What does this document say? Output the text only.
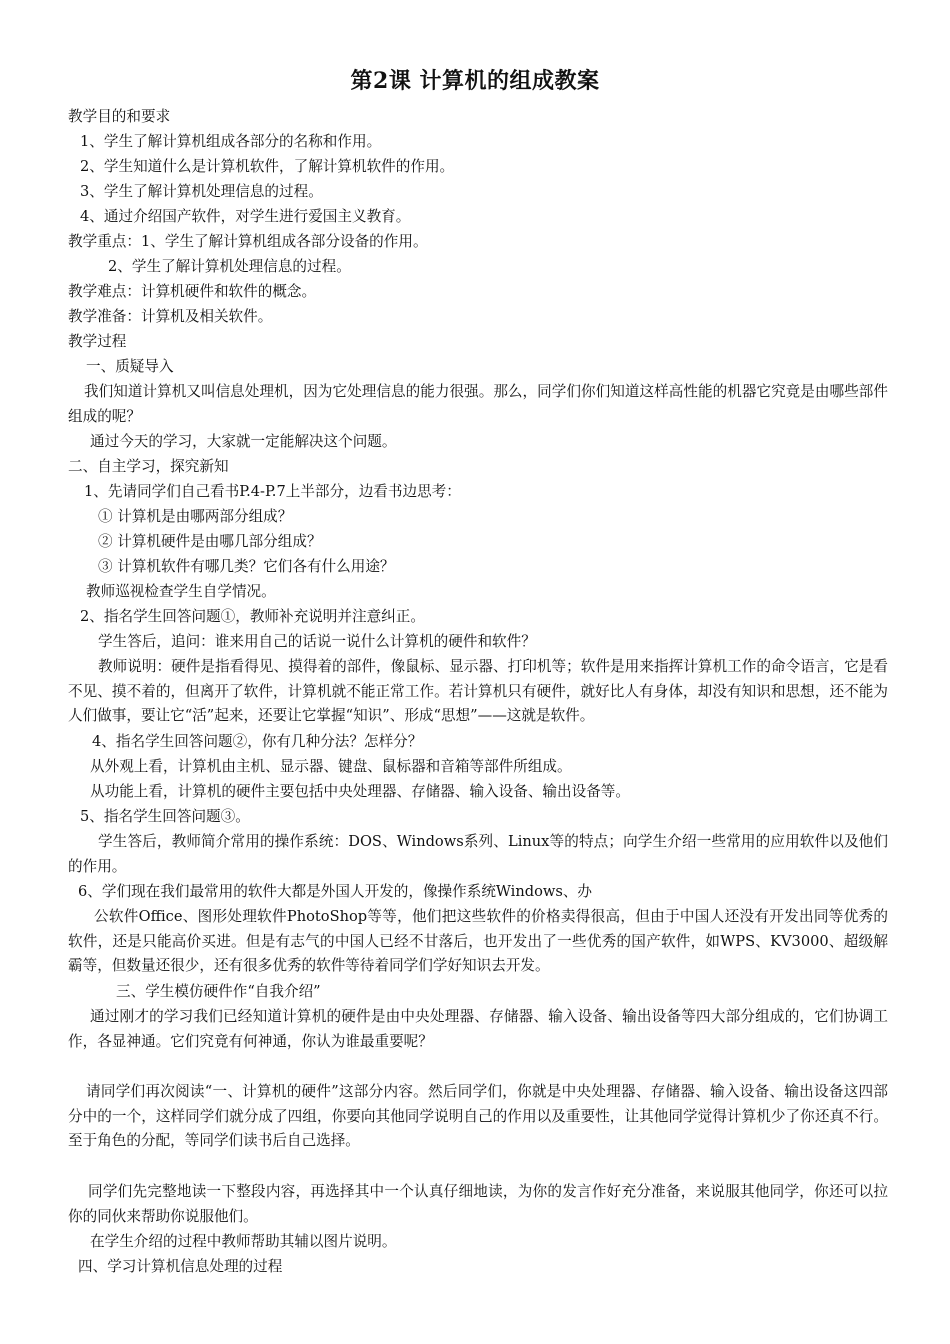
第2课 计算机的组成教案
教学目的和要求
1、学生了解计算机组成各部分的名称和作用。
2、学生知道什么是计算机软件，了解计算机软件的作用。
3、学生了解计算机处理信息的过程。
4、通过介绍国产软件，对学生进行爱国主义教育。
教学重点：1、学生了解计算机组成各部分设备的作用。
2、学生了解计算机处理信息的过程。
教学难点：计算机硬件和软件的概念。
教学准备：计算机及相关软件。
教学过程
一、质疑导入
我们知道计算机又叫信息处理机，因为它处理信息的能力很强。那么，同学们你们知道这样高性能的机器它究竟是由哪些部件组成的呢？
通过今天的学习，大家就一定能解决这个问题。
二、自主学习，探究新知
1、先请同学们自己看书P.4-P.7上半部分，边看书边思考：
① 计算机是由哪两部分组成？
② 计算机硬件是由哪几部分组成？
③ 计算机软件有哪几类？它们各有什么用途？
教师巡视检查学生自学情况。
2、指名学生回答问题①，教师补充说明并注意纠正。
学生答后，追问：谁来用自己的话说一说什么计算机的硬件和软件？
教师说明：硬件是指看得见、摸得着的部件，像鼠标、显示器、打印机等；软件是用来指挥计算机工作的命令语言，它是看不见、摸不着的，但离开了软件，计算机就不能正常工作。若计算机只有硬件，就好比人有身体，却没有知识和思想，还不能为人们做事，要让它“活”起来，还要让它掌握“知识”、形成“思想”——这就是软件。
4、指名学生回答问题②，你有几种分法？怎样分？
从外观上看，计算机由主机、显示器、键盘、鼠标器和音箱等部件所组成。
从功能上看，计算机的硬件主要包括中央处理器、存储器、输入设备、输出设备等。
5、指名学生回答问题③。
学生答后，教师简介常用的操作系统：DOS、Windows系列、Linux等的特点；向学生介绍一些常用的应用软件以及他们的作用。
6、学们现在我们最常用的软件大都是外国人开发的，像操作系统Windows、办
公软件Office、图形处理软件PhotoShop等等，他们把这些软件的价格卖得很高，但由于中国人还没有开发出同等优秀的软件，还是只能高价买进。但是有志气的中国人已经不甘落后，也开发出了一些优秀的国产软件，如WPS、KV3000、超级解霸等，但数量还很少，还有很多优秀的软件等待着同学们学好知识去开发。
三、学生模仿硬件作“自我介绍”
通过刚才的学习我们已经知道计算机的硬件是由中央处理器、存储器、输入设备、输出设备等四大部分组成的，它们协调工作，各显神通。它们究竟有何神通，你认为谁最重要呢？
请同学们再次阅读“一、计算机的硬件”这部分内容。然后同学们，你就是中央处理器、存储器、输入设备、输出设备这四部分中的一个，这样同学们就分成了四组，你要向其他同学说明自己的作用以及重要性，让其他同学觉得计算机少了你还真不行。至于角色的分配，等同学们读书后自己选择。
同学们先完整地读一下整段内容，再选择其中一个认真仔细地读，为你的发言作好充分准备，来说服其他同学，你还可以拉你的同伙来帮助你说服他们。
在学生介绍的过程中教师帮助其辅以图片说明。
四、学习计算机信息处理的过程
